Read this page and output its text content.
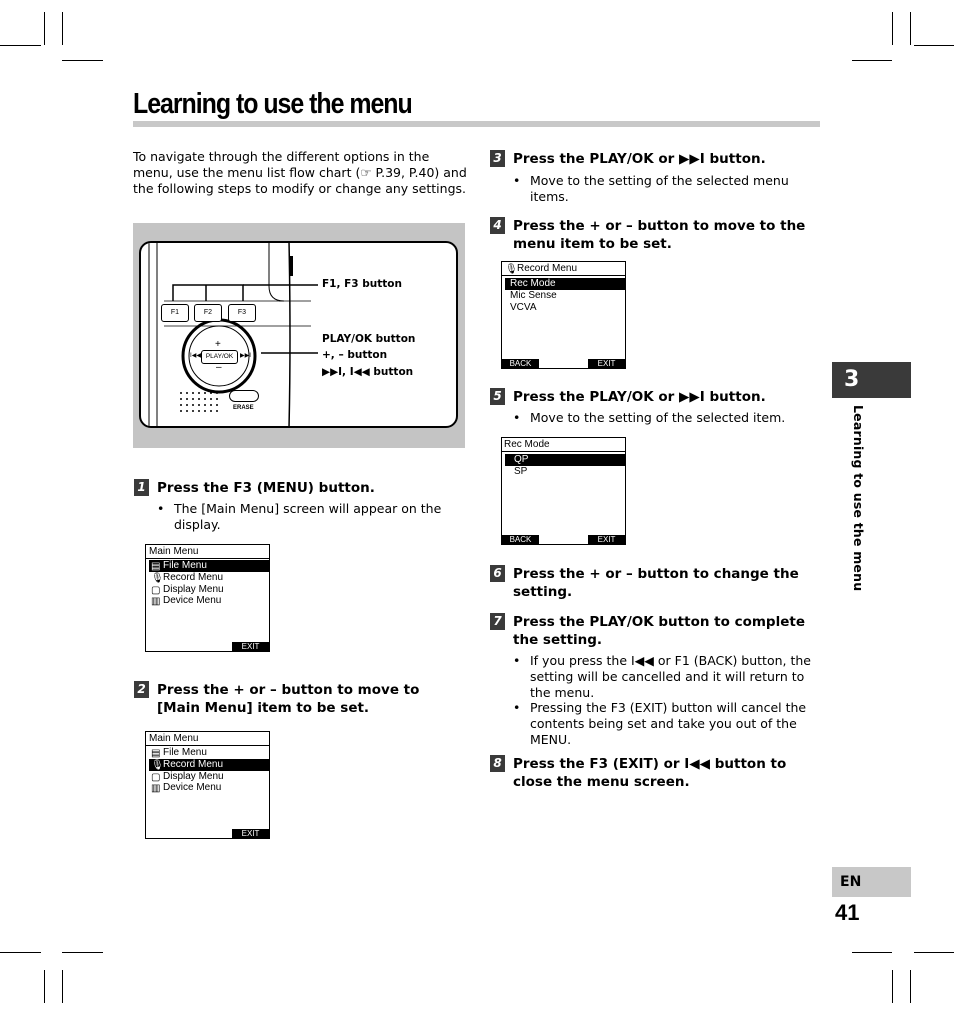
Learning to use the menu
To navigate through the different options in the menu, use the menu list flow chart (☞ P.39, P.40) and the following steps to modify or change any settings.
F1	F2	F3
PLAY/OK
+
–
I◀◀	▶▶I
ERASE
F1, F3 button
PLAY/OK button
+, – button
▶▶I, I◀◀ button
1 Press the F3 (MENU) button.
• The [Main Menu] screen will appear on the display.
Main Menu
▤ File Menu
🎙Record Menu
▢ Display Menu
▥ Device Menu
EXIT
2 Press the + or – button to move to [Main Menu] item to be set.
Main Menu
▤ File Menu
🎙Record Menu
▢ Display Menu
▥ Device Menu
EXIT
3 Press the PLAY/OK or ▶▶I button.
• Move to the setting of the selected menu items.
4 Press the + or – button to move to the menu item to be set.
🎙Record Menu
Rec Mode
Mic Sense
VCVA
BACK	EXIT
5 Press the PLAY/OK or ▶▶I button.
• Move to the setting of the selected item.
Rec Mode
QP
SP
BACK	EXIT
6 Press the + or – button to change the setting.
7 Press the PLAY/OK button to complete the setting.
• If you press the I◀◀ or F1 (BACK) button, the setting will be cancelled and it will return to the menu.
• Pressing the F3 (EXIT) button will cancel the contents being set and take you out of the MENU.
8 Press the F3 (EXIT) or I◀◀ button to close the menu screen.
3
Learning to use the menu
EN
41
